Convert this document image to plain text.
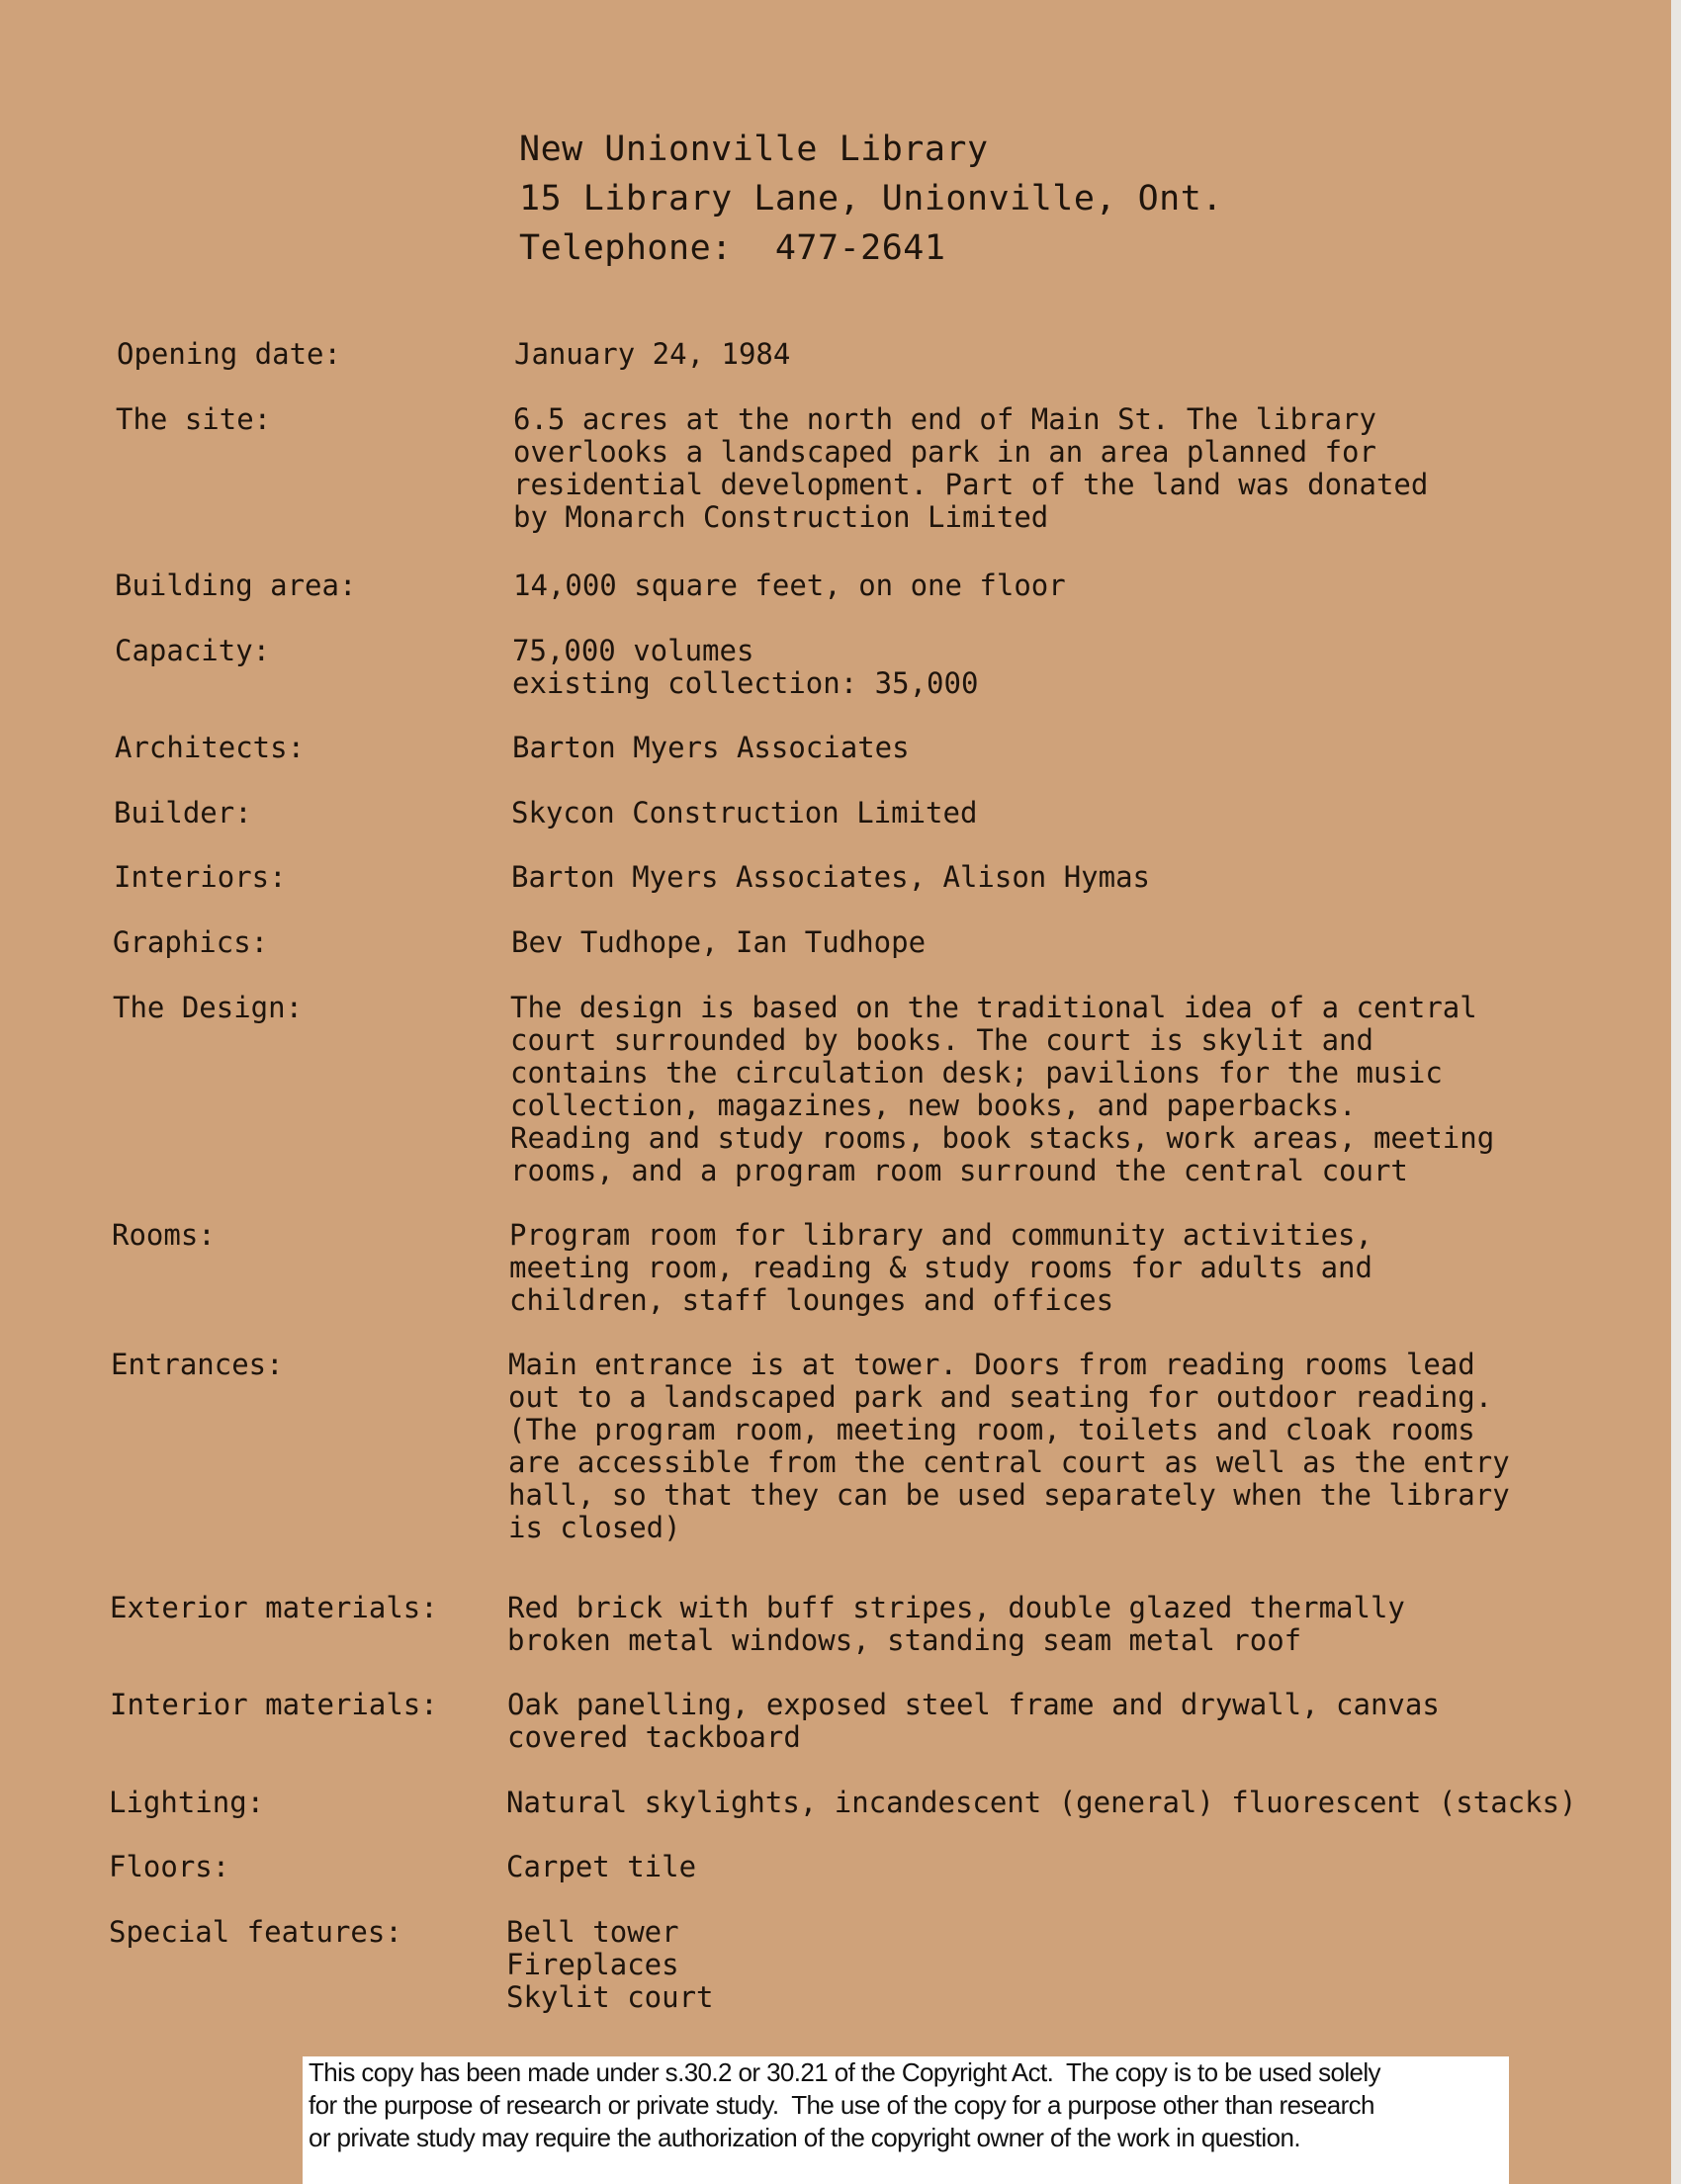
New Unionville Library
15 Library Lane, Unionville, Ont.
Telephone:  477-2641
Opening date:	January 24, 1984
The site:	6.5 acres at the north end of Main St. The library
overlooks a landscaped park in an area planned for
residential development. Part of the land was donated
by Monarch Construction Limited
Building area:	14,000 square feet, on one floor
Capacity:	75,000 volumes
existing collection: 35,000
Architects:	Barton Myers Associates
Builder:	Skycon Construction Limited
Interiors:	Barton Myers Associates, Alison Hymas
Graphics:	Bev Tudhope, Ian Tudhope
The Design:	The design is based on the traditional idea of a central
court surrounded by books. The court is skylit and
contains the circulation desk; pavilions for the music
collection, magazines, new books, and paperbacks.
Reading and study rooms, book stacks, work areas, meeting
rooms, and a program room surround the central court
Rooms:	Program room for library and community activities,
meeting room, reading & study rooms for adults and
children, staff lounges and offices
Entrances:	Main entrance is at tower. Doors from reading rooms lead
out to a landscaped park and seating for outdoor reading.
(The program room, meeting room, toilets and cloak rooms
are accessible from the central court as well as the entry
hall, so that they can be used separately when the library
is closed)
Exterior materials: Red brick with buff stripes, double glazed thermally
broken metal windows, standing seam metal roof
Interior materials: Oak panelling, exposed steel frame and drywall, canvas
covered tackboard
Lighting:	Natural skylights, incandescent (general) fluorescent (stacks)
Floors:	Carpet tile
Special features:	Bell tower
Fireplaces
Skylit court
This copy has been made under s.30.2 or 30.21 of the Copyright Act.  The copy is to be used solely
for the purpose of research or private study.  The use of the copy for a purpose other than research
or private study may require the authorization of the copyright owner of the work in question.
